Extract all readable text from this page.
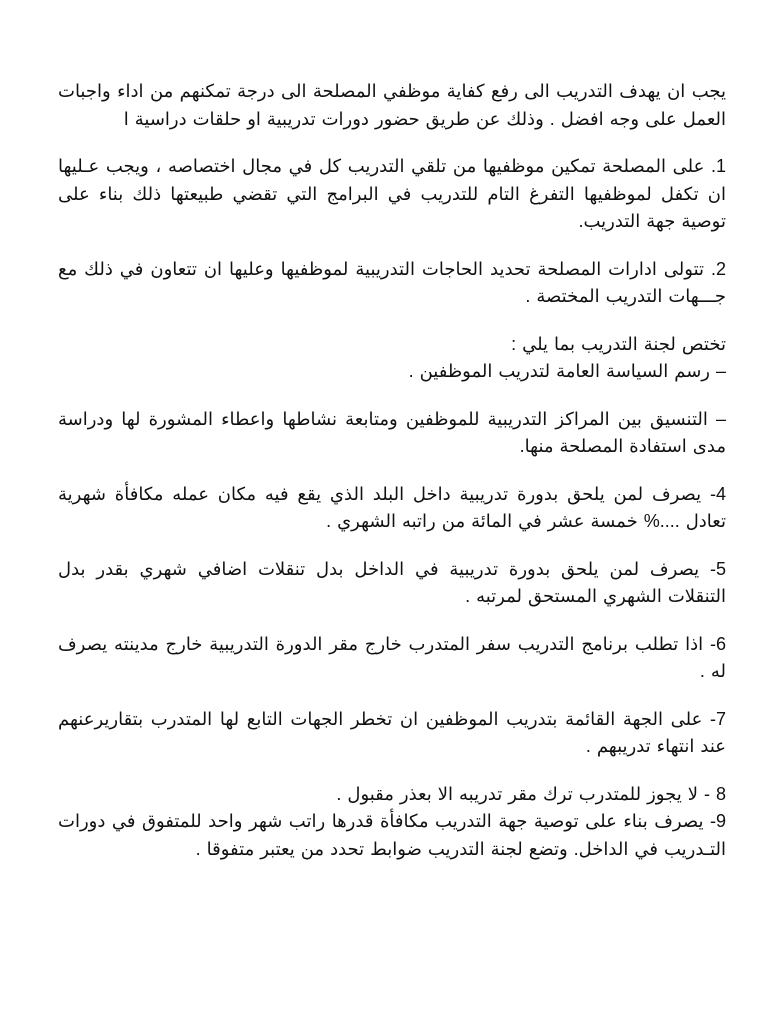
يجب ان يهدف التدريب الى رفع كفاية موظفي المصلحة الى درجة تمكنهم من اداء واجبات العمل على وجه افضل . وذلك عن طريق حضور دورات تدريبية او حلقات دراسية ا

1. على المصلحة تمكين موظفيها من تلقي التدريب كل في مجال اختصاصه ، ويجب عـليها ان تكفل لموظفيها التفرغ التام للتدريب في البرامج التي تقضي طبيعتها ذلك بناء على توصية جهة التدريب.

2. تتولى ادارات المصلحة تحديد الحاجات التدريبية لموظفيها وعليها ان تتعاون في ذلك مع جـــهات التدريب المختصة .

تختص لجنة التدريب بما يلي :
– رسم السياسة العامة لتدريب الموظفين .

– التنسيق بين المراكز التدريبية للموظفين ومتابعة نشاطها واعطاء المشورة لها ودراسة مدى استفادة المصلحة منها.

4- يصرف لمن يلحق بدورة تدريبية داخل البلد الذي يقع فيه مكان عمله مكافأة شهرية تعادل ....% خمسة عشر في المائة من راتبه الشهري .

5- يصرف لمن يلحق بدورة تدريبية في الداخل بدل تنقلات اضافي شهري بقدر بدل التنقلات الشهري المستحق لمرتبه .

6- اذا تطلب برنامج التدريب سفر المتدرب خارج مقر الدورة التدريبية خارج مدينته يصرف له .

7- على الجهة القائمة بتدريب الموظفين ان تخطر الجهات التابع لها المتدرب بتقاريرعنهم عند انتهاء تدريبهم .

8 - لا يجوز للمتدرب ترك مقر تدريبه الا بعذر مقبول .

9- يصرف بناء على توصية جهة التدريب مكافأة قدرها راتب شهر واحد للمتفوق في دورات التـدريب في الداخل. وتضع لجنة التدريب ضوابط تحدد من يعتبر متفوقا .
